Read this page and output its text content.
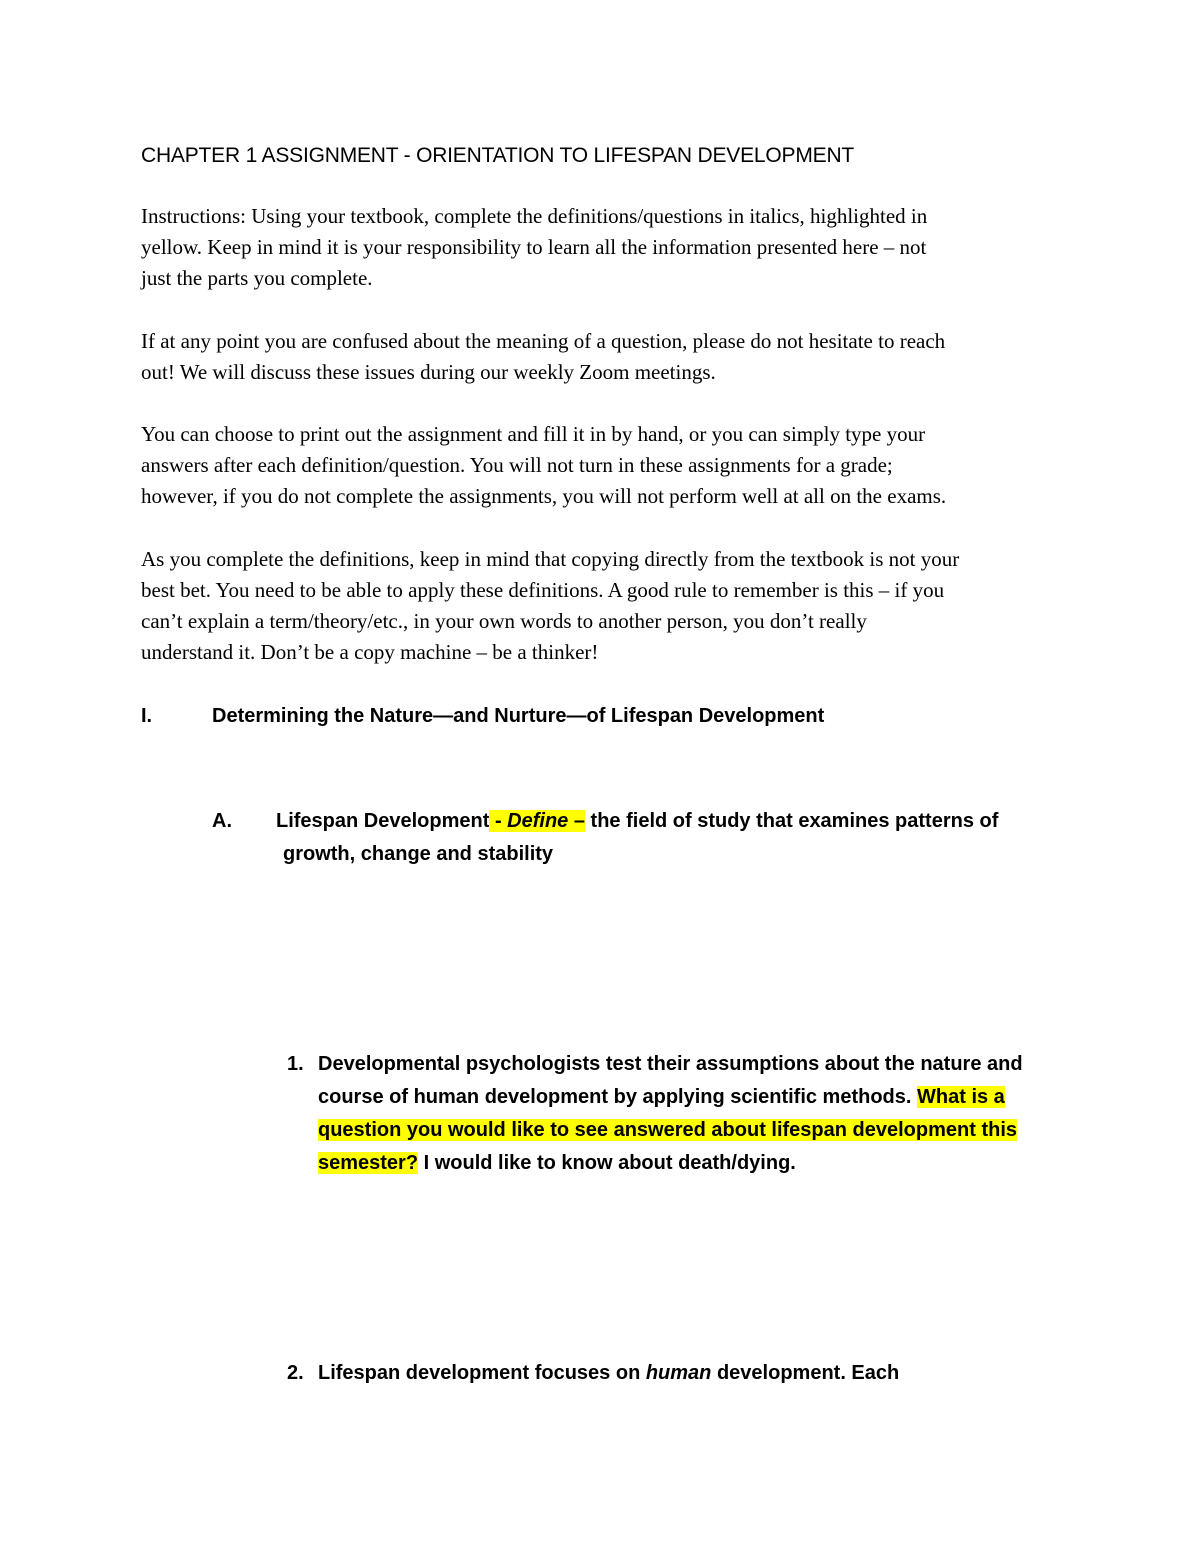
CHAPTER 1 ASSIGNMENT - ORIENTATION TO LIFESPAN DEVELOPMENT
Instructions: Using your textbook, complete the definitions/questions in italics, highlighted in
yellow. Keep in mind it is your responsibility to learn all the information presented here – not
just the parts you complete.
If at any point you are confused about the meaning of a question, please do not hesitate to reach
out! We will discuss these issues during our weekly Zoom meetings.
You can choose to print out the assignment and fill it in by hand, or you can simply type your
answers after each definition/question. You will not turn in these assignments for a grade;
however, if you do not complete the assignments, you will not perform well at all on the exams.
As you complete the definitions, keep in mind that copying directly from the textbook is not your
best bet. You need to be able to apply these definitions. A good rule to remember is this – if you
can’t explain a term/theory/etc., in your own words to another person, you don’t really
understand it. Don’t be a copy machine – be a thinker!
I.	Determining the Nature—and Nurture—of Lifespan Development
A. Lifespan Development - Define – the field of study that examines patterns of
growth, change and stability
1. Developmental psychologists test their assumptions about the nature and
course of human development by applying scientific methods. What is a
question you would like to see answered about lifespan development this
semester? I would like to know about death/dying.
2. Lifespan development focuses on human development. Each
